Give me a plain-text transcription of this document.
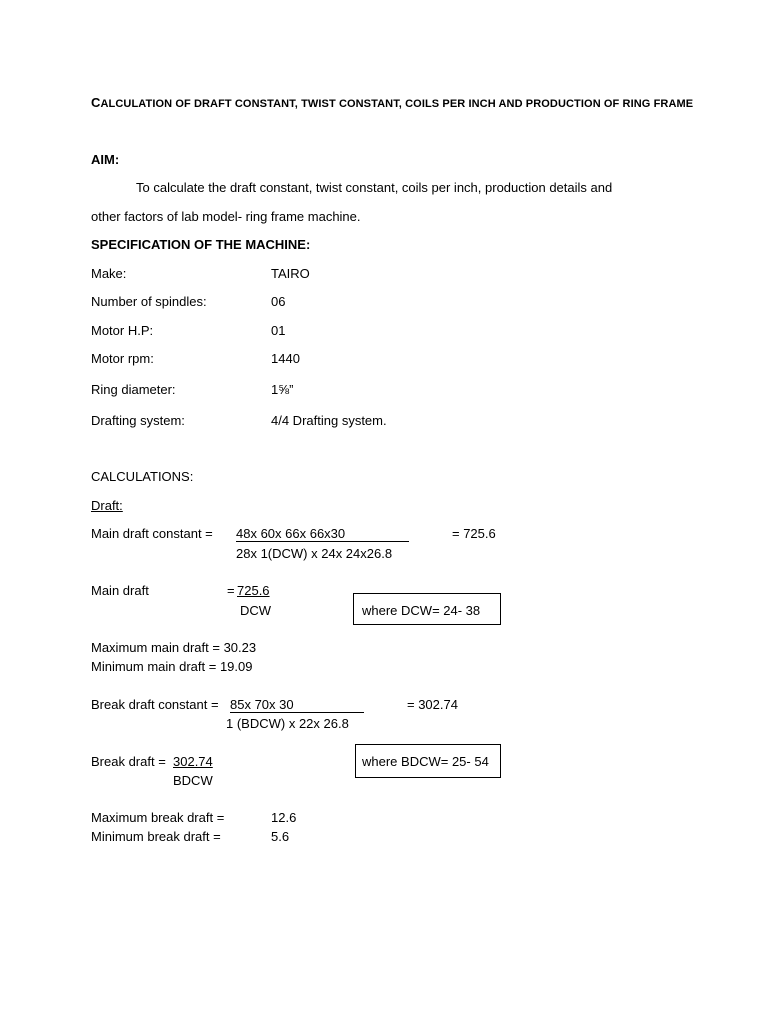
CALCULATION OF DRAFT CONSTANT, TWIST CONSTANT, COILS PER INCH AND PRODUCTION OF RING FRAME
AIM:
To calculate the draft constant, twist constant, coils per inch, production details and
other factors of lab model- ring frame machine.
SPECIFICATION OF THE MACHINE:
Make:	TAIRO
Number of spindles:	06
Motor H.P:	01
Motor rpm:	1440
Ring diameter:	1⅝”
Drafting system:	4/4 Drafting system.
CALCULATIONS:
Draft:
Main draft constant = 48x 60x 66x 66x30
28x 1(DCW) x 24x 24x26.8
= 725.6
Main draft	= 725.6
DCW	where DCW= 24- 38
Maximum main draft = 30.23
Minimum main draft = 19.09
Break draft constant = 85x 70x 30
1 (BDCW) x 22x 26.8
= 302.74
Break draft = 302.74
BDCW
where BDCW= 25- 54
Maximum break draft =	12.6
Minimum break draft =	5.6
